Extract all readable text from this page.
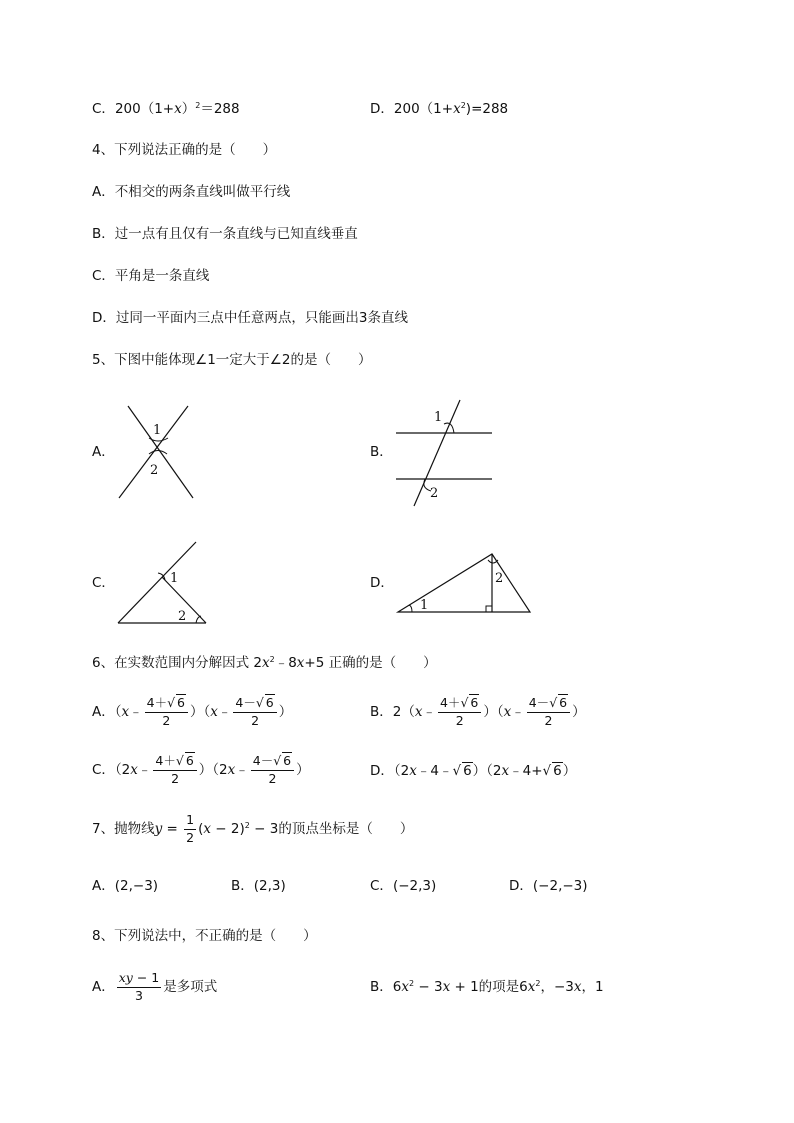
C．$200(1+x)^2=288$	D．$200(1+x^2)=288$
4、下列说法正确的是（　　）
A．不相交的两条直线叫做平行线
B．过一点有且仅有一条直线与已知直线垂直
C．平角是一条直线
D．过同一平面内三点中任意两点，只能画出3条直线
5、下图中能体现∠1一定大于∠2的是（　　）
A．
1
2
B．
1
2
C．	1
2
D．
1
2
6、在实数范围内分解因式 $2x^2﹣8x+5$ 正确的是（　　）
A．（x﹣ $\frac{4+√ 6}{2}$ ）（x﹣ $\frac{4-√ 6}{2}$ ）	B．2（x﹣ $\frac{4+√ 6}{2}$ ）（x﹣ $\frac{4-√ 6}{2}$ ）
C．（2x﹣ $\frac{4+√ 6}{2}$ ）（2x﹣ $\frac{4-√ 6}{2}$ ）	D．（2x﹣4﹣√ 6）（2x﹣4+√ 6）
7、抛物线$y = \frac{1}{2} (x - 2)^2 - 3$的顶点坐标是（　　）
A．(2,−3)	B．(2,3)	C．(−2,3)	D．(−2,−3)
8、下列说法中，不正确的是（　　）
A． $\frac{xy - 1}{3}$ 是多项式	B．$6x^2 - 3x + 1$的项是$6x^2$，−3x，1
